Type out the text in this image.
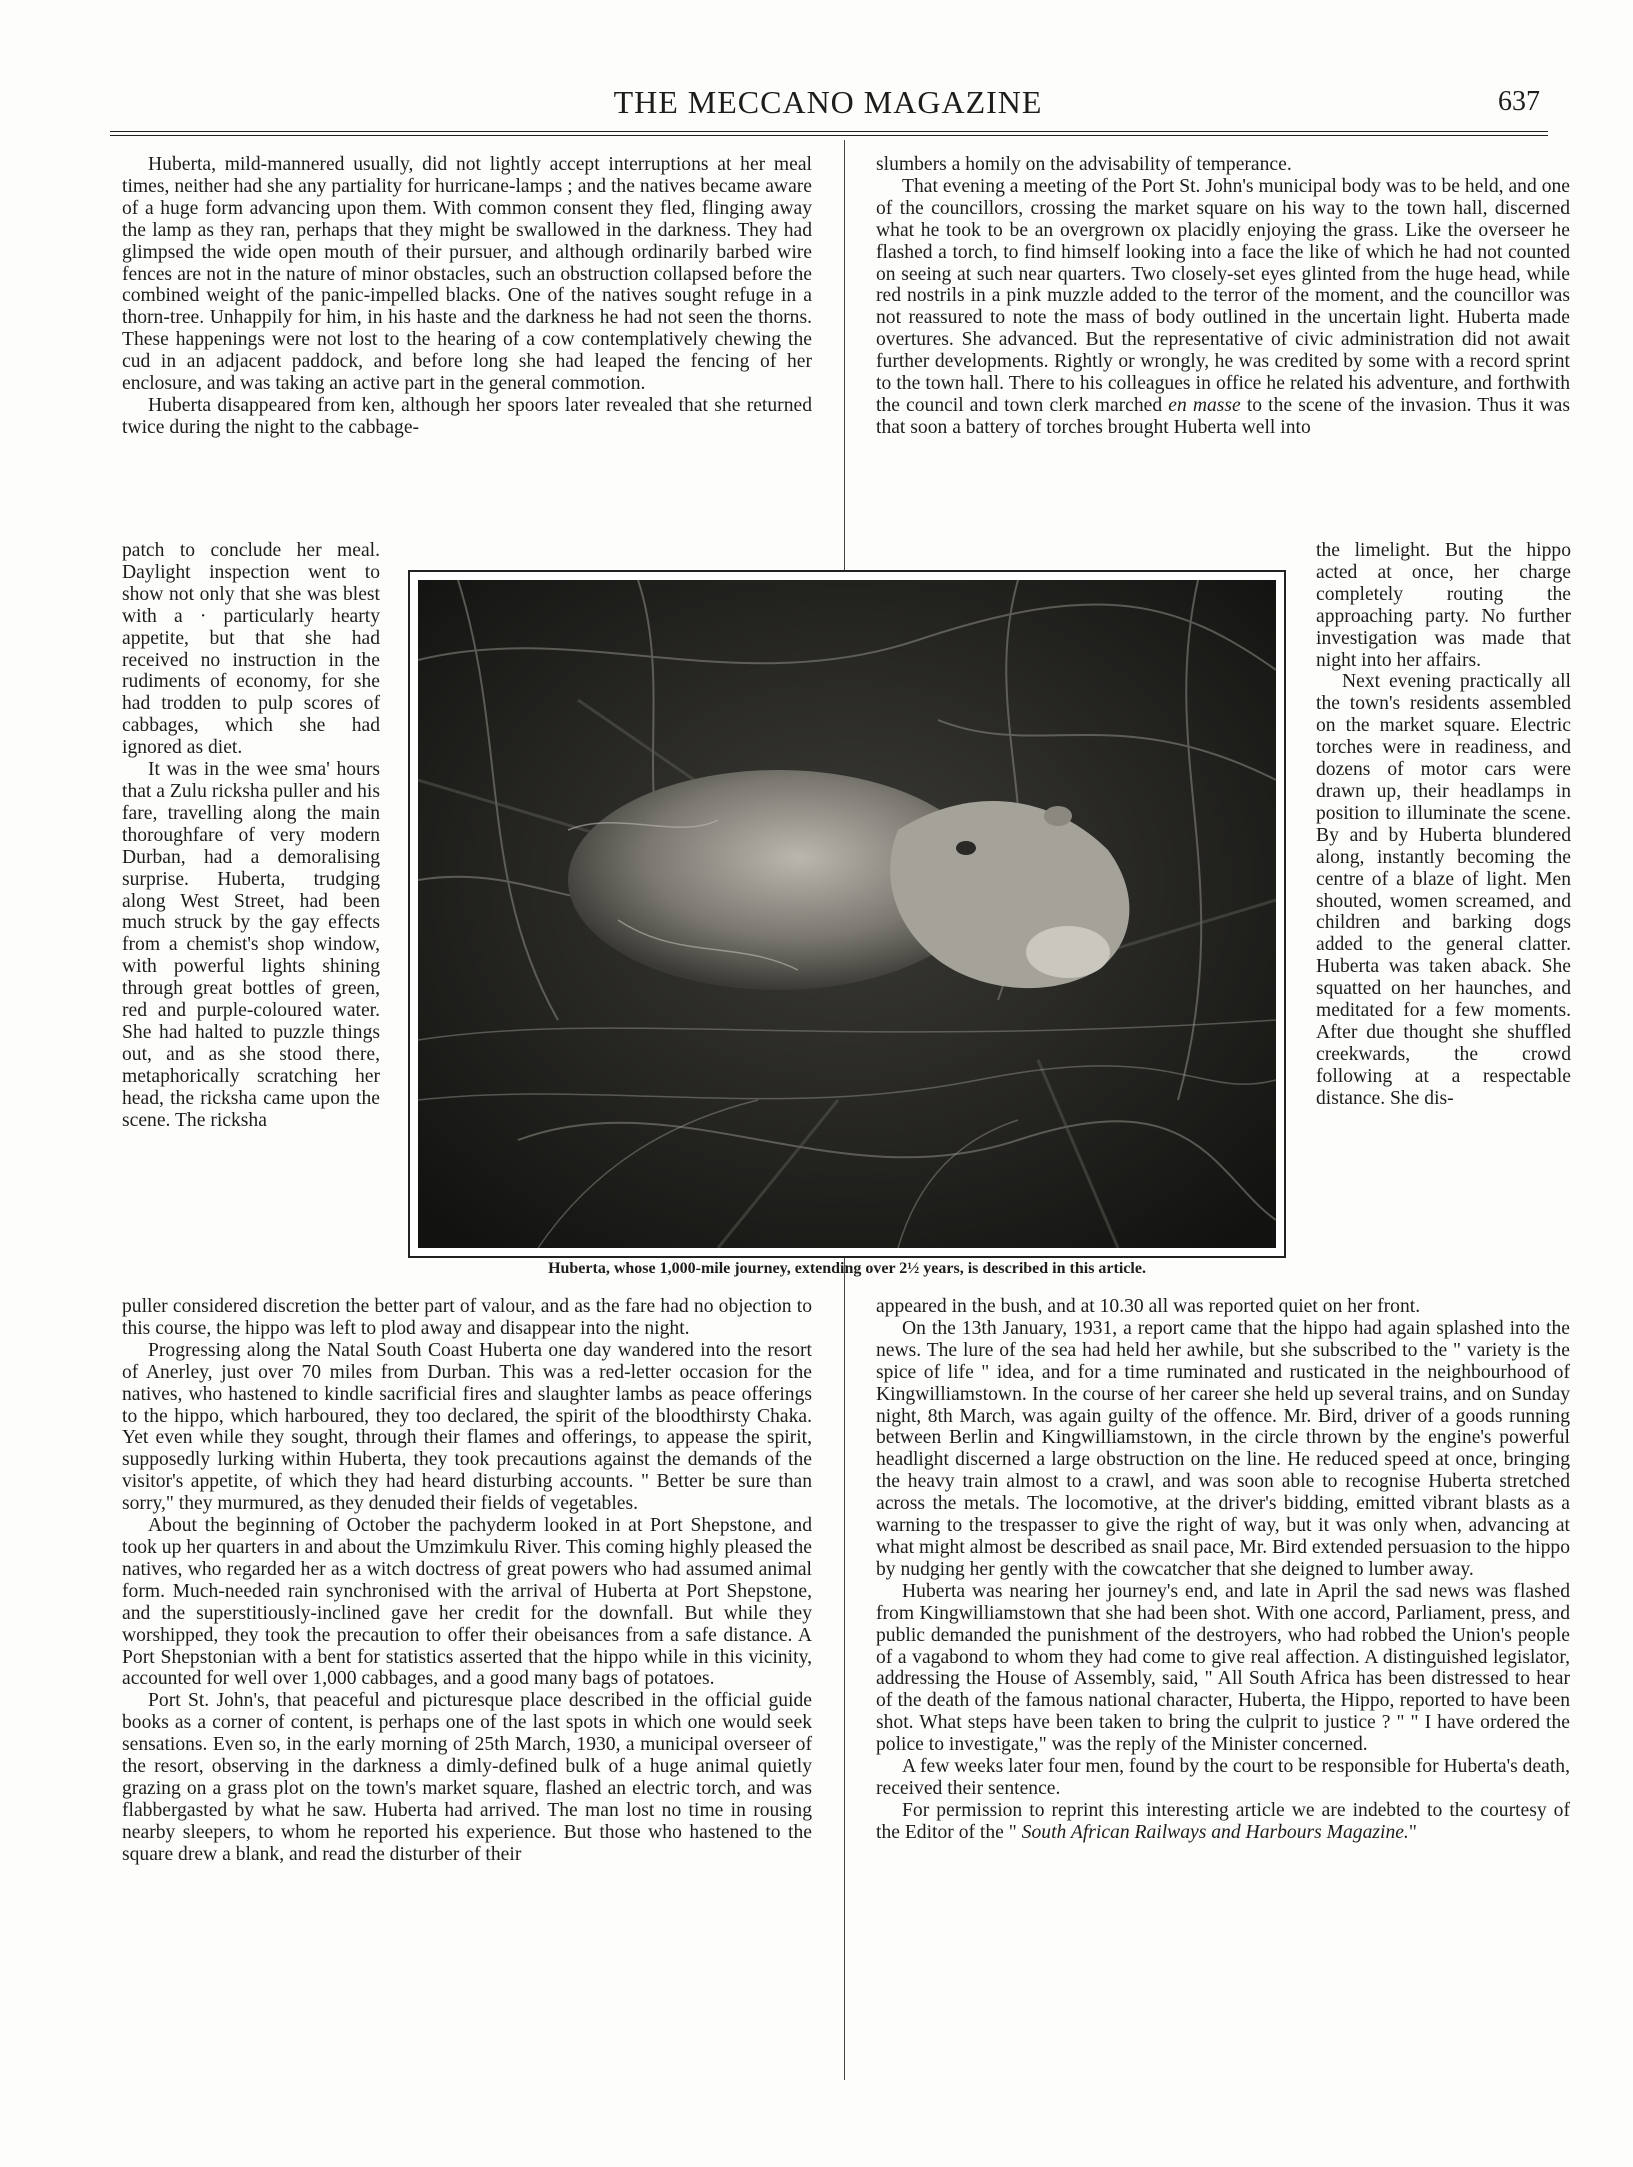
THE MECCANO MAGAZINE	637

Huberta, mild-mannered usually, did not lightly accept interruptions at her meal times, neither had she any partiality for hurricane-lamps ; and the natives became aware of a huge form advancing upon them. With common consent they fled, flinging away the lamp as they ran, perhaps that they might be swallowed in the darkness. They had glimpsed the wide open mouth of their pursuer, and although ordinarily barbed wire fences are not in the nature of minor obstacles, such an obstruction collapsed before the combined weight of the panic-impelled blacks. One of the natives sought refuge in a thorn-tree. Unhappily for him, in his haste and the darkness he had not seen the thorns. These happenings were not lost to the hearing of a cow contemplatively chewing the cud in an adjacent paddock, and before long she had leaped the fencing of her enclosure, and was taking an active part in the general commotion.

Huberta disappeared from ken, although her spoors later revealed that she returned twice during the night to the cabbage-

patch to conclude her meal. Daylight inspection went to show not only that she was blest with a · particularly hearty appetite, but that she had received no instruction in the rudiments of economy, for she had trodden to pulp scores of cabbages, which she had ignored as diet.

It was in the wee sma' hours that a Zulu ricksha puller and his fare, travelling along the main thoroughfare of very modern Durban, had a demoralising surprise. Huberta, trudging along West Street, had been much struck by the gay effects from a chemist's shop window, with powerful lights shining through great bottles of green, red and purple-coloured water. She had halted to puzzle things out, and as she stood there, metaphorically scratching her head, the ricksha came upon the scene. The ricksha

puller considered discretion the better part of valour, and as the fare had no objection to this course, the hippo was left to plod away and disappear into the night.

Progressing along the Natal South Coast Huberta one day wandered into the resort of Anerley, just over 70 miles from Durban. This was a red-letter occasion for the natives, who hastened to kindle sacrificial fires and slaughter lambs as peace offerings to the hippo, which harboured, they too declared, the spirit of the bloodthirsty Chaka. Yet even while they sought, through their flames and offerings, to appease the spirit, supposedly lurking within Huberta, they took precautions against the demands of the visitor's appetite, of which they had heard disturbing accounts. " Better be sure than sorry," they murmured, as they denuded their fields of vegetables.

About the beginning of October the pachyderm looked in at Port Shepstone, and took up her quarters in and about the Umzimkulu River. This coming highly pleased the natives, who regarded her as a witch doctress of great powers who had assumed animal form. Much-needed rain synchronised with the arrival of Huberta at Port Shepstone, and the superstitiously-inclined gave her credit for the downfall. But while they worshipped, they took the precaution to offer their obeisances from a safe distance. A Port Shepstonian with a bent for statistics asserted that the hippo while in this vicinity, accounted for well over 1,000 cabbages, and a good many bags of potatoes.

Port St. John's, that peaceful and picturesque place described in the official guide books as a corner of content, is perhaps one of the last spots in which one would seek sensations. Even so, in the early morning of 25th March, 1930, a municipal overseer of the resort, observing in the darkness a dimly-defined bulk of a huge animal quietly grazing on a grass plot on the town's market square, flashed an electric torch, and was flabbergasted by what he saw. Huberta had arrived. The man lost no time in rousing nearby sleepers, to whom he reported his experience. But those who hastened to the square drew a blank, and read the disturber of their

slumbers a homily on the advisability of temperance.

That evening a meeting of the Port St. John's municipal body was to be held, and one of the councillors, crossing the market square on his way to the town hall, discerned what he took to be an overgrown ox placidly enjoying the grass. Like the overseer he flashed a torch, to find himself looking into a face the like of which he had not counted on seeing at such near quarters. Two closely-set eyes glinted from the huge head, while red nostrils in a pink muzzle added to the terror of the moment, and the councillor was not reassured to note the mass of body outlined in the uncertain light. Huberta made overtures. She advanced. But the representative of civic administration did not await further developments. Rightly or wrongly, he was credited by some with a record sprint to the town hall. There to his colleagues in office he related his adventure, and forthwith the council and town clerk marched en masse to the scene of the invasion. Thus it was that soon a battery of torches brought Huberta well into

the limelight. But the hippo acted at once, her charge completely routing the approaching party. No further investigation was made that night into her affairs.

Next evening practically all the town's residents assembled on the market square. Electric torches were in readiness, and dozens of motor cars were drawn up, their headlamps in position to illuminate the scene. By and by Huberta blundered along, instantly becoming the centre of a blaze of light. Men shouted, women screamed, and children and barking dogs added to the general clatter. Huberta was taken aback. She squatted on her haunches, and meditated for a few moments. After due thought she shuffled creekwards, the crowd following at a respectable distance. She dis-

appeared in the bush, and at 10.30 all was reported quiet on her front.

On the 13th January, 1931, a report came that the hippo had again splashed into the news. The lure of the sea had held her awhile, but she subscribed to the " variety is the spice of life " idea, and for a time ruminated and rusticated in the neighbourhood of Kingwilliamstown. In the course of her career she held up several trains, and on Sunday night, 8th March, was again guilty of the offence. Mr. Bird, driver of a goods running between Berlin and Kingwilliamstown, in the circle thrown by the engine's powerful headlight discerned a large obstruction on the line. He reduced speed at once, bringing the heavy train almost to a crawl, and was soon able to recognise Huberta stretched across the metals. The locomotive, at the driver's bidding, emitted vibrant blasts as a warning to the trespasser to give the right of way, but it was only when, advancing at what might almost be described as snail pace, Mr. Bird extended persuasion to the hippo by nudging her gently with the cowcatcher that she deigned to lumber away.

Huberta was nearing her journey's end, and late in April the sad news was flashed from Kingwilliamstown that she had been shot. With one accord, Parliament, press, and public demanded the punishment of the destroyers, who had robbed the Union's people of a vagabond to whom they had come to give real affection. A distinguished legislator, addressing the House of Assembly, said, " All South Africa has been distressed to hear of the death of the famous national character, Huberta, the Hippo, reported to have been shot. What steps have been taken to bring the culprit to justice ? " " I have ordered the police to investigate," was the reply of the Minister concerned.

A few weeks later four men, found by the court to be responsible for Huberta's death, received their sentence.

For permission to reprint this interesting article we are indebted to the courtesy of the Editor of the " South African Railways and Harbours Magazine."

Huberta, whose 1,000-mile journey, extending over 2½ years, is described in this article.
